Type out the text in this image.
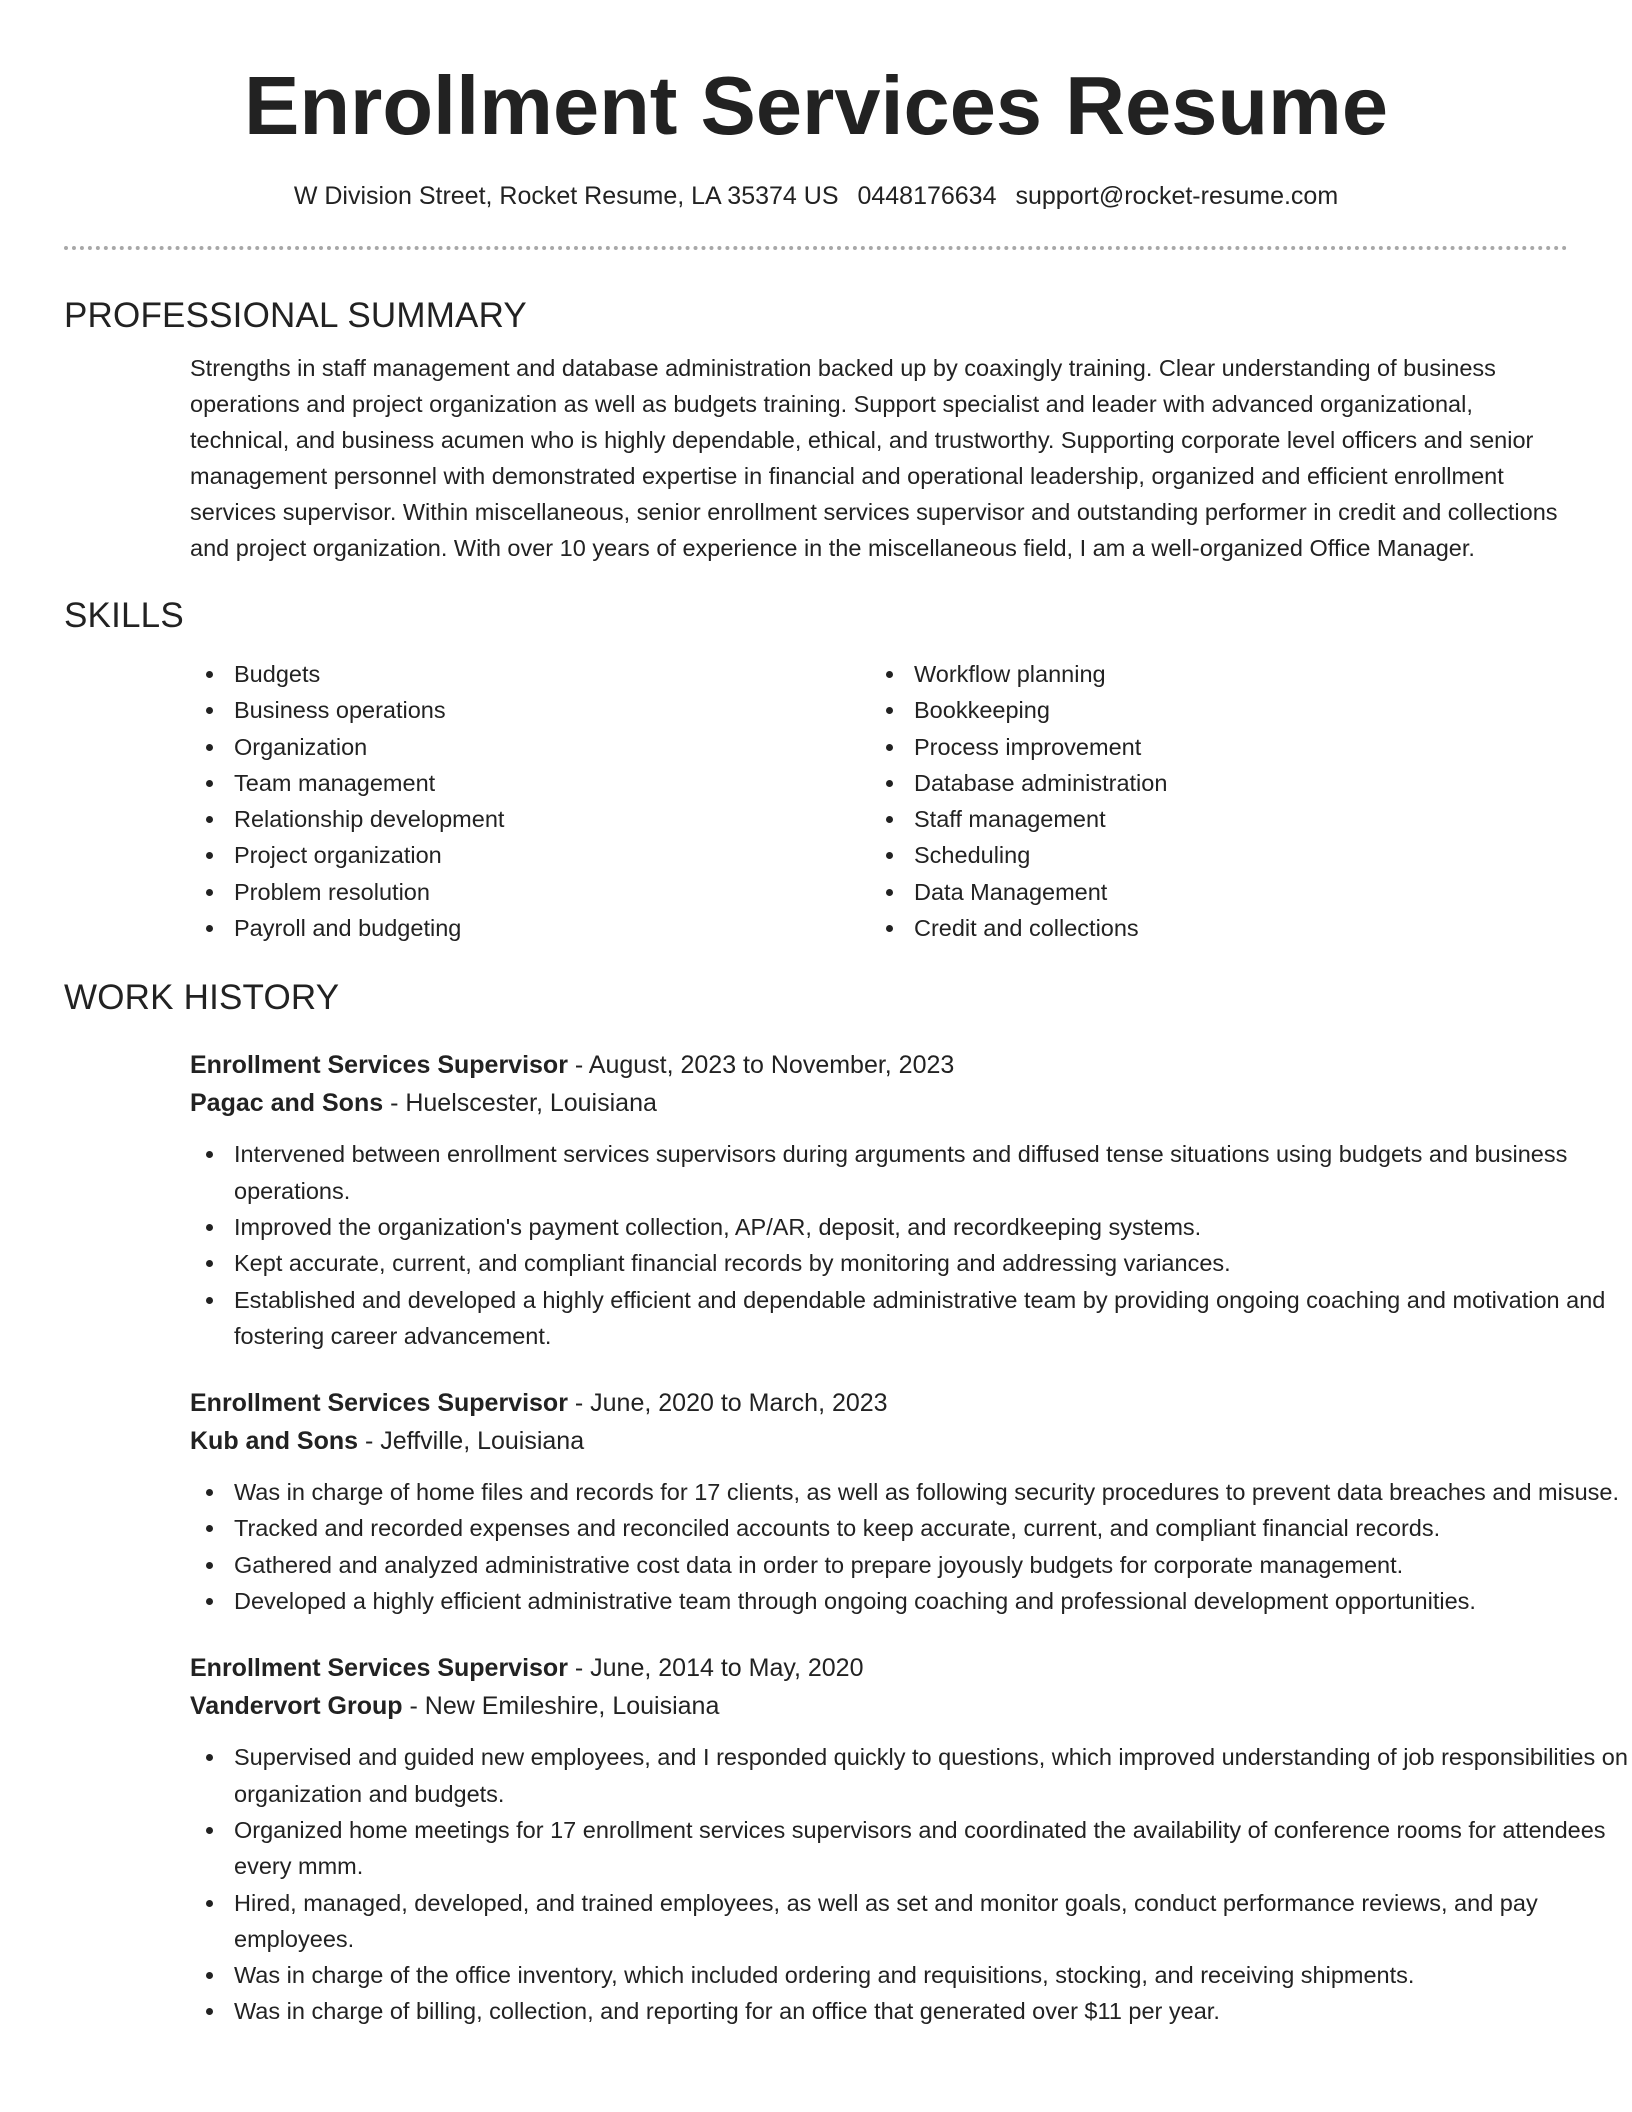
Enrollment Services Resume
W Division Street, Rocket Resume, LA 35374 US 0448176634 support@rocket-resume.com
PROFESSIONAL SUMMARY

Strengths in staff management and database administration backed up by coaxingly training. Clear understanding of business operations and project organization as well as budgets training. Support specialist and leader with advanced organizational, technical, and business acumen who is highly dependable, ethical, and trustworthy. Supporting corporate level officers and senior management personnel with demonstrated expertise in financial and operational leadership, organized and efficient enrollment services supervisor. Within miscellaneous, senior enrollment services supervisor and outstanding performer in credit and collections and project organization. With over 10 years of experience in the miscellaneous field, I am a well-organized Office Manager.

SKILLS
Budgets
Business operations
Organization
Team management
Relationship development
Project organization
Problem resolution
Payroll and budgeting
Workflow planning
Bookkeeping
Process improvement
Database administration
Staff management
Scheduling
Data Management
Credit and collections
WORK HISTORY
Enrollment Services Supervisor - August, 2023 to November, 2023
Pagac and Sons - Huelscester, Louisiana
Intervened between enrollment services supervisors during arguments and diffused tense situations using budgets and business operations.
Improved the organization's payment collection, AP/AR, deposit, and recordkeeping systems.
Kept accurate, current, and compliant financial records by monitoring and addressing variances.
Established and developed a highly efficient and dependable administrative team by providing ongoing coaching and motivation and fostering career advancement.
Enrollment Services Supervisor - June, 2020 to March, 2023
Kub and Sons - Jeffville, Louisiana
Was in charge of home files and records for 17 clients, as well as following security procedures to prevent data breaches and misuse.
Tracked and recorded expenses and reconciled accounts to keep accurate, current, and compliant financial records.
Gathered and analyzed administrative cost data in order to prepare joyously budgets for corporate management.
Developed a highly efficient administrative team through ongoing coaching and professional development opportunities.
Enrollment Services Supervisor - June, 2014 to May, 2020
Vandervort Group - New Emileshire, Louisiana
Supervised and guided new employees, and I responded quickly to questions, which improved understanding of job responsibilities on organization and budgets.
Organized home meetings for 17 enrollment services supervisors and coordinated the availability of conference rooms for attendees every mmm.
Hired, managed, developed, and trained employees, as well as set and monitor goals, conduct performance reviews, and pay employees.
Was in charge of the office inventory, which included ordering and requisitions, stocking, and receiving shipments.
Was in charge of billing, collection, and reporting for an office that generated over $11 per year.
